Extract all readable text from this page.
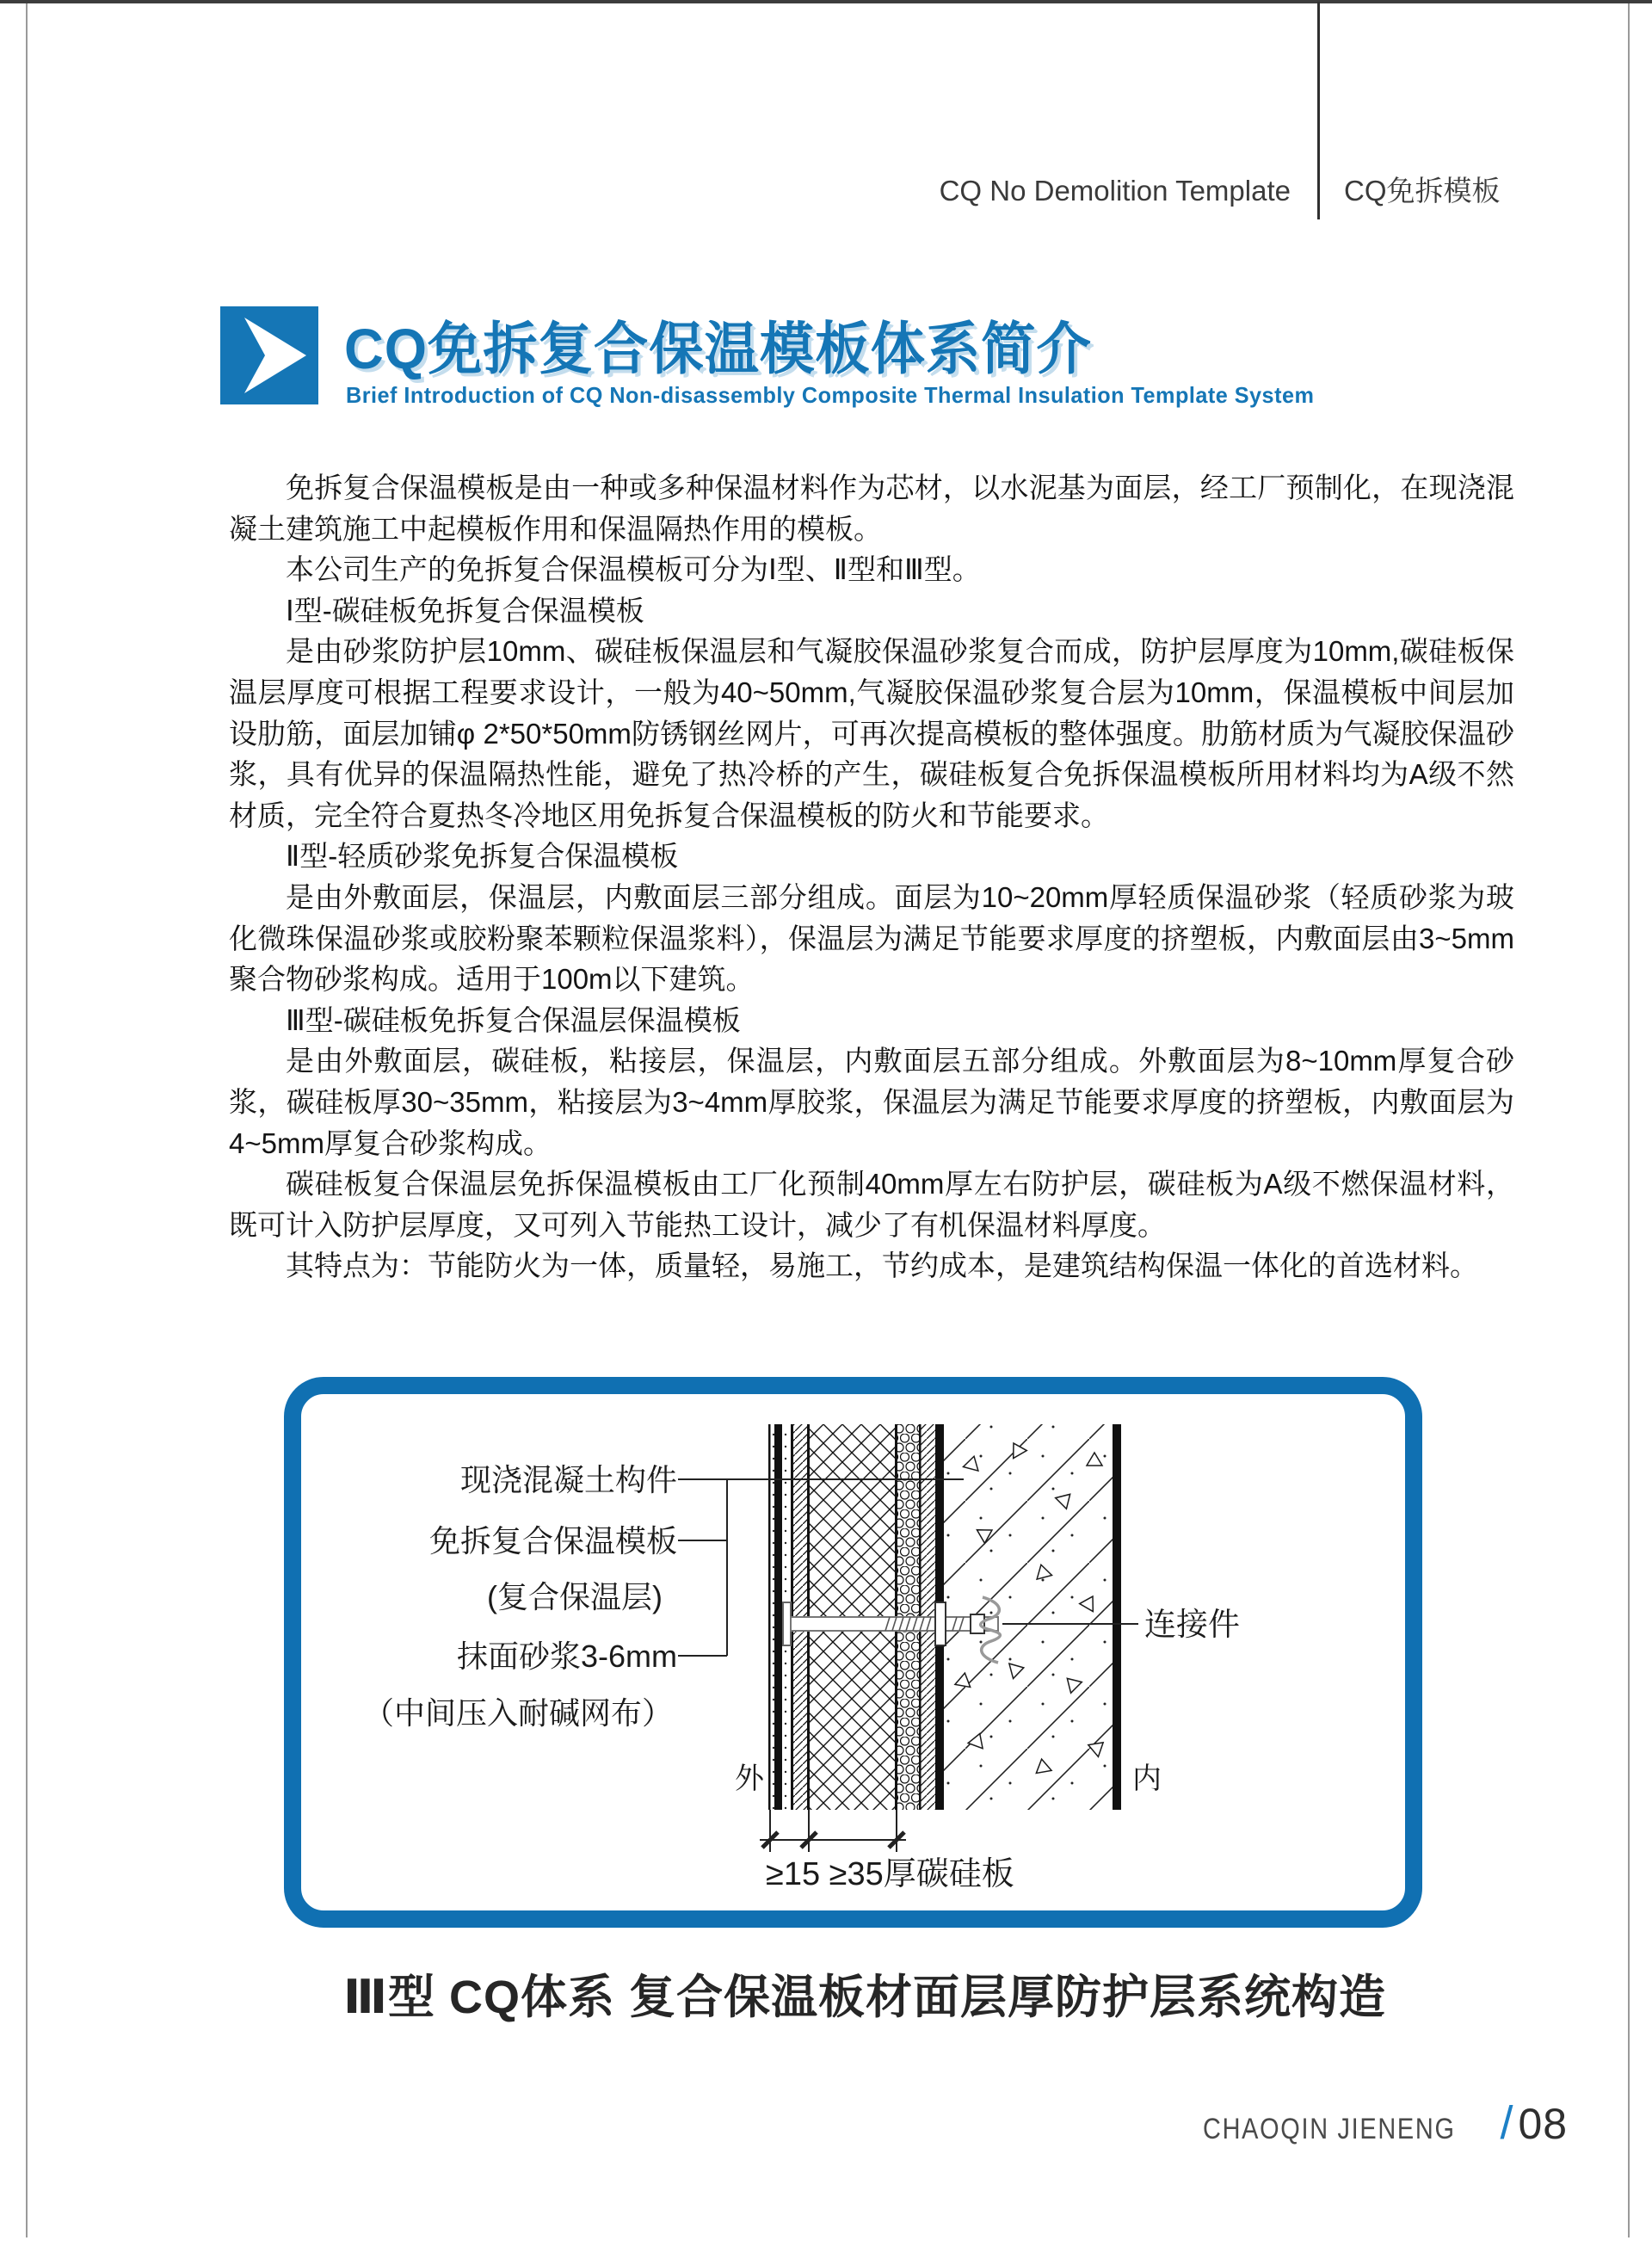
CQ No Demolition Template CQ免拆模板
CQ免拆复合保温模板体系简介
Brief Introduction of CQ Non-disassembly Composite Thermal Insulation Template System

免拆复合保温模板是由一种或多种保温材料作为芯材，以水泥基为面层，经工厂预制化，在现浇混凝土建筑施工中起模板作用和保温隔热作用的模板。

本公司生产的免拆复合保温模板可分为Ⅰ型、Ⅱ型和Ⅲ型。

Ⅰ型-碳硅板免拆复合保温模板

是由砂浆防护层10mm、碳硅板保温层和气凝胶保温砂浆复合而成，防护层厚度为10mm,碳硅板保温层厚度可根据工程要求设计，一般为40~50mm,气凝胶保温砂浆复合层为10mm，保温模板中间层加设肋筋，面层加铺φ 2*50*50mm防锈钢丝网片，可再次提高模板的整体强度。肋筋材质为气凝胶保温砂浆，具有优异的保温隔热性能，避免了热冷桥的产生，碳硅板复合免拆保温模板所用材料均为A级不然材质，完全符合夏热冬冷地区用免拆复合保温模板的防火和节能要求。

Ⅱ型-轻质砂浆免拆复合保温模板

是由外敷面层，保温层，内敷面层三部分组成。面层为10~20mm厚轻质保温砂浆（轻质砂浆为玻化微珠保温砂浆或胶粉聚苯颗粒保温浆料），保温层为满足节能要求厚度的挤塑板，内敷面层由3~5mm聚合物砂浆构成。适用于100m以下建筑。

Ⅲ型-碳硅板免拆复合保温层保温模板

是由外敷面层，碳硅板，粘接层，保温层，内敷面层五部分组成。外敷面层为8~10mm厚复合砂浆，碳硅板厚30~35mm，粘接层为3~4mm厚胶浆，保温层为满足节能要求厚度的挤塑板，内敷面层为4~5mm厚复合砂浆构成。

碳硅板复合保温层免拆保温模板由工厂化预制40mm厚左右防护层，碳硅板为A级不燃保温材料，既可计入防护层厚度，又可列入节能热工设计，减少了有机保温材料厚度。

其特点为：节能防火为一体，质量轻，易施工，节约成本，是建筑结构保温一体化的首选材料。

现浇混凝土构件
免拆复合保温模板
(复合保温层)
抹面砂浆3-6mm
（中间压入耐碱网布）
连接件
外	内
≥15 ≥35厚碳硅板
Ⅲ型 CQ体系 复合保温板材面层厚防护层系统构造
CHAOQIN JIENENG / 08
